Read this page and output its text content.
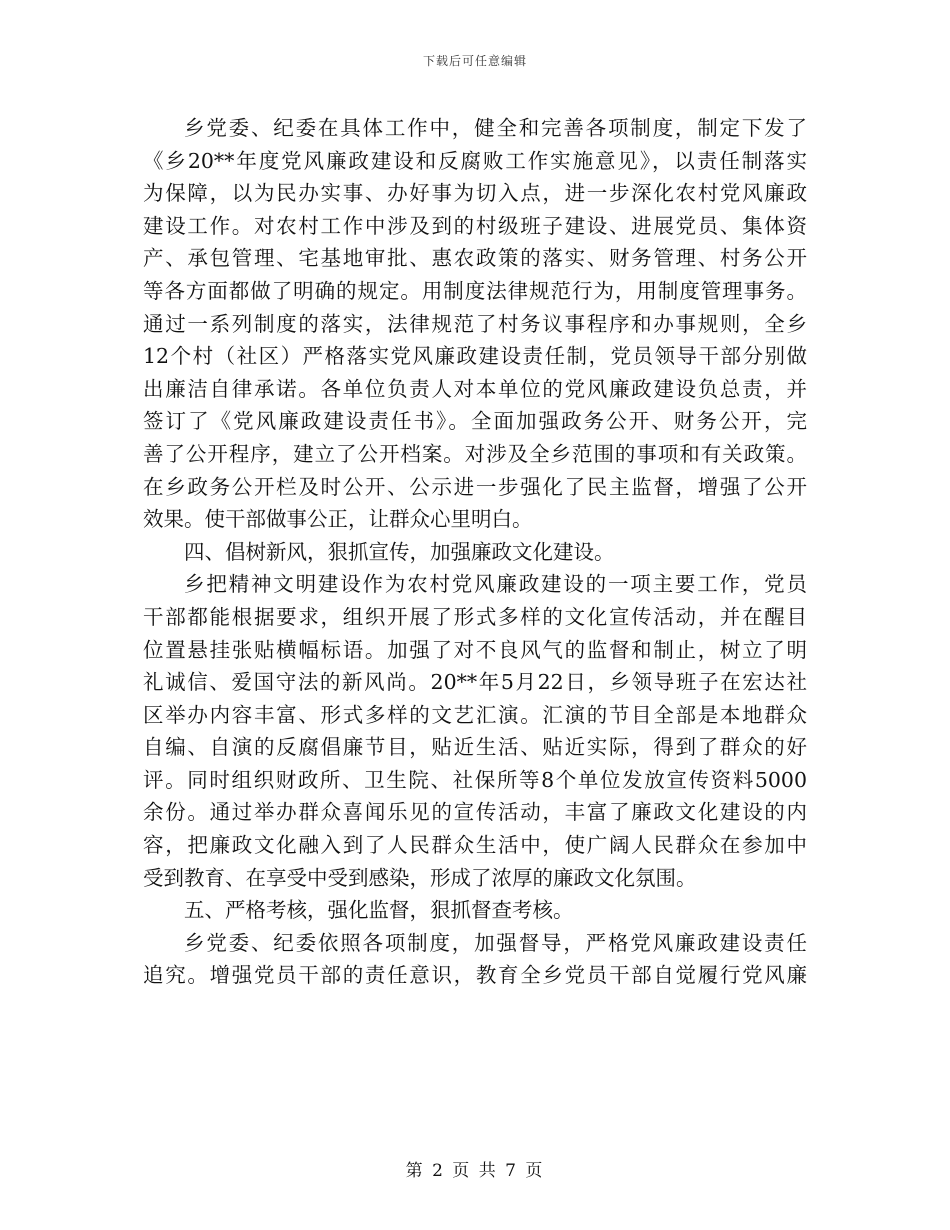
下载后可任意编辑
乡党委、纪委在具体工作中，健全和完善各项制度，制定下发了
《乡20**年度党风廉政建设和反腐败工作实施意见》，以责任制落实
为保障，以为民办实事、办好事为切入点，进一步深化农村党风廉政
建设工作。对农村工作中涉及到的村级班子建设、进展党员、集体资
产、承包管理、宅基地审批、惠农政策的落实、财务管理、村务公开
等各方面都做了明确的规定。用制度法律规范行为，用制度管理事务。
通过一系列制度的落实，法律规范了村务议事程序和办事规则，全乡
12个村（社区）严格落实党风廉政建设责任制，党员领导干部分别做
出廉洁自律承诺。各单位负责人对本单位的党风廉政建设负总责，并
签订了《党风廉政建设责任书》。全面加强政务公开、财务公开，完
善了公开程序，建立了公开档案。对涉及全乡范围的事项和有关政策。
在乡政务公开栏及时公开、公示进一步强化了民主监督，增强了公开
效果。使干部做事公正，让群众心里明白。
四、倡树新风，狠抓宣传，加强廉政文化建设。
乡把精神文明建设作为农村党风廉政建设的一项主要工作，党员
干部都能根据要求，组织开展了形式多样的文化宣传活动，并在醒目
位置悬挂张贴横幅标语。加强了对不良风气的监督和制止，树立了明
礼诚信、爱国守法的新风尚。20**年5月22日，乡领导班子在宏达社
区举办内容丰富、形式多样的文艺汇演。汇演的节目全部是本地群众
自编、自演的反腐倡廉节目，贴近生活、贴近实际，得到了群众的好
评。同时组织财政所、卫生院、社保所等8个单位发放宣传资料5000
余份。通过举办群众喜闻乐见的宣传活动，丰富了廉政文化建设的内
容，把廉政文化融入到了人民群众生活中，使广阔人民群众在参加中
受到教育、在享受中受到感染，形成了浓厚的廉政文化氛围。
五、严格考核，强化监督，狠抓督查考核。
乡党委、纪委依照各项制度，加强督导，严格党风廉政建设责任
追究。增强党员干部的责任意识，教育全乡党员干部自觉履行党风廉
第 2 页 共 7 页
